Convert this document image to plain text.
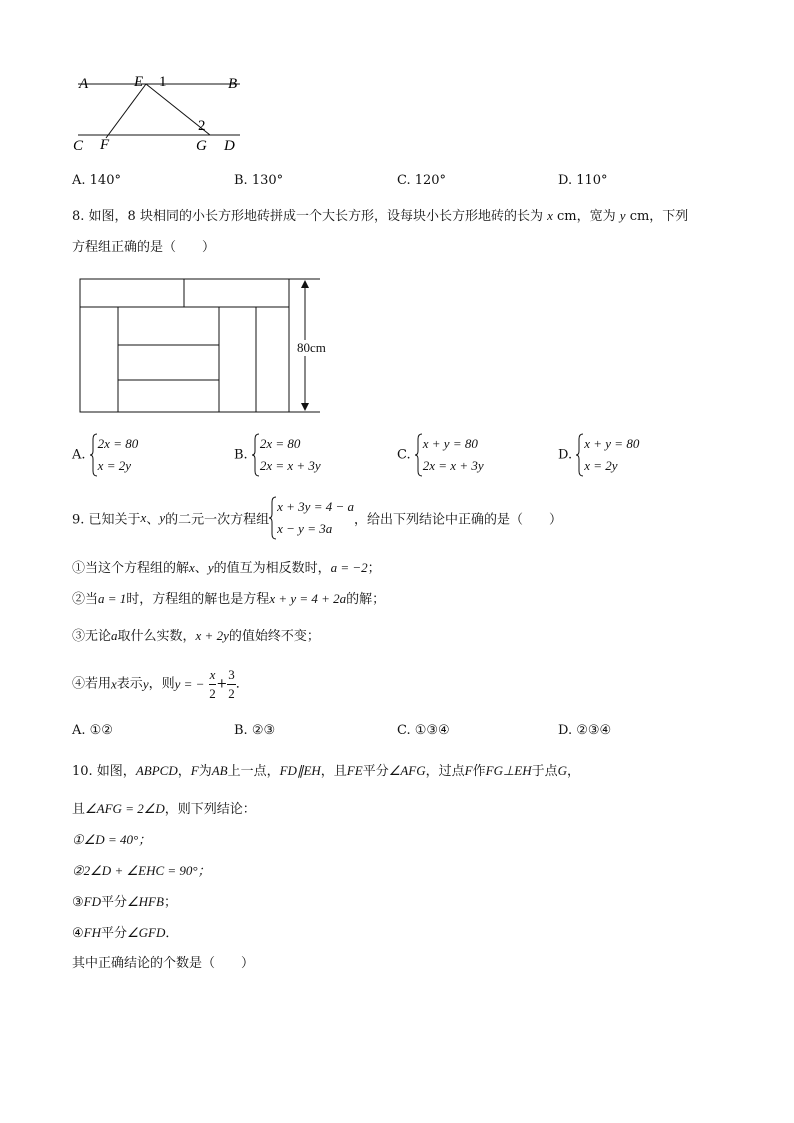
A	E 1	B
2
C F	G D
A. 140°	B. 130°	C. 120°	D. 110°
8. 如图，8 块相同的小长方形地砖拼成一个大长方形，设每块小长方形地砖的长为 x cm，宽为 y cm，下列
方程组正确的是（　　）
80cm
A.
2x = 80
x = 2y
B.
2x = 80
2x = x + 3y
C.
x + y = 80
2x = x + 3y
D.
x + y = 80
x = 2y
9. 已知关于x、y的二元一次方程组
x + 3y = 4 − a
x − y = 3a
，给出下列结论中正确的是（　　）
①当这个方程组的解x、y的值互为相反数时，a = −2；
②当a = 1时，方程组的解也是方程x + y = 4 + 2a的解；
③无论a取什么实数，x + 2y的值始终不变；
④若用x表示y，则y = − $\frac{x}{2} + \frac{3}{2}$ ．
A. ①②	B. ②③	C. ①③④	D. ②③④
10. 如图，ABPCD，F为AB上一点，FD∥EH，且FE平分∠AFG，过点F作FG⊥EH于点G，
且∠AFG = 2∠D，则下列结论：
①∠D = 40°；
②2∠D + ∠EHC = 90°；
③FD平分∠HFB；
④FH平分∠GFD．
其中正确结论的个数是（　　）
